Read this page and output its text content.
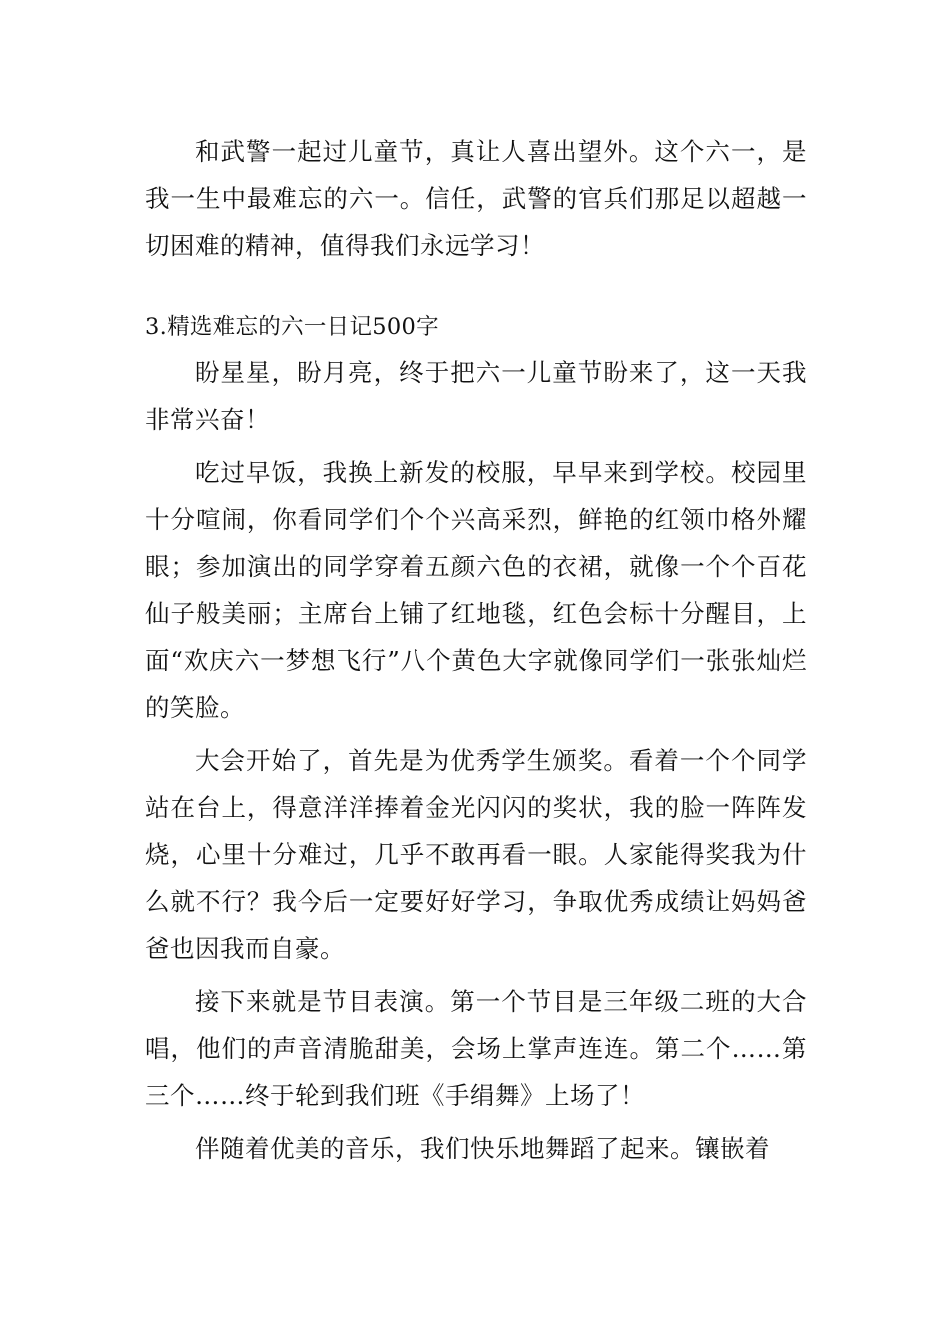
和武警一起过儿童节，真让人喜出望外。这个六一，是我一生中最难忘的六一。信任，武警的官兵们那足以超越一切困难的精神，值得我们永远学习！

3.精选难忘的六一日记500字

盼星星，盼月亮，终于把六一儿童节盼来了，这一天我非常兴奋！

吃过早饭，我换上新发的校服，早早来到学校。校园里十分喧闹，你看同学们个个兴高采烈，鲜艳的红领巾格外耀眼；参加演出的同学穿着五颜六色的衣裙，就像一个个百花仙子般美丽；主席台上铺了红地毯，红色会标十分醒目，上面“欢庆六一梦想飞行”八个黄色大字就像同学们一张张灿烂的笑脸。

大会开始了，首先是为优秀学生颁奖。看着一个个同学站在台上，得意洋洋捧着金光闪闪的奖状，我的脸一阵阵发烧，心里十分难过，几乎不敢再看一眼。人家能得奖我为什么就不行？我今后一定要好好学习，争取优秀成绩让妈妈爸爸也因我而自豪。

接下来就是节目表演。第一个节目是三年级二班的大合唱，他们的声音清脆甜美，会场上掌声连连。第二个……第三个……终于轮到我们班《手绢舞》上场了！

伴随着优美的音乐，我们快乐地舞蹈了起来。镶嵌着
